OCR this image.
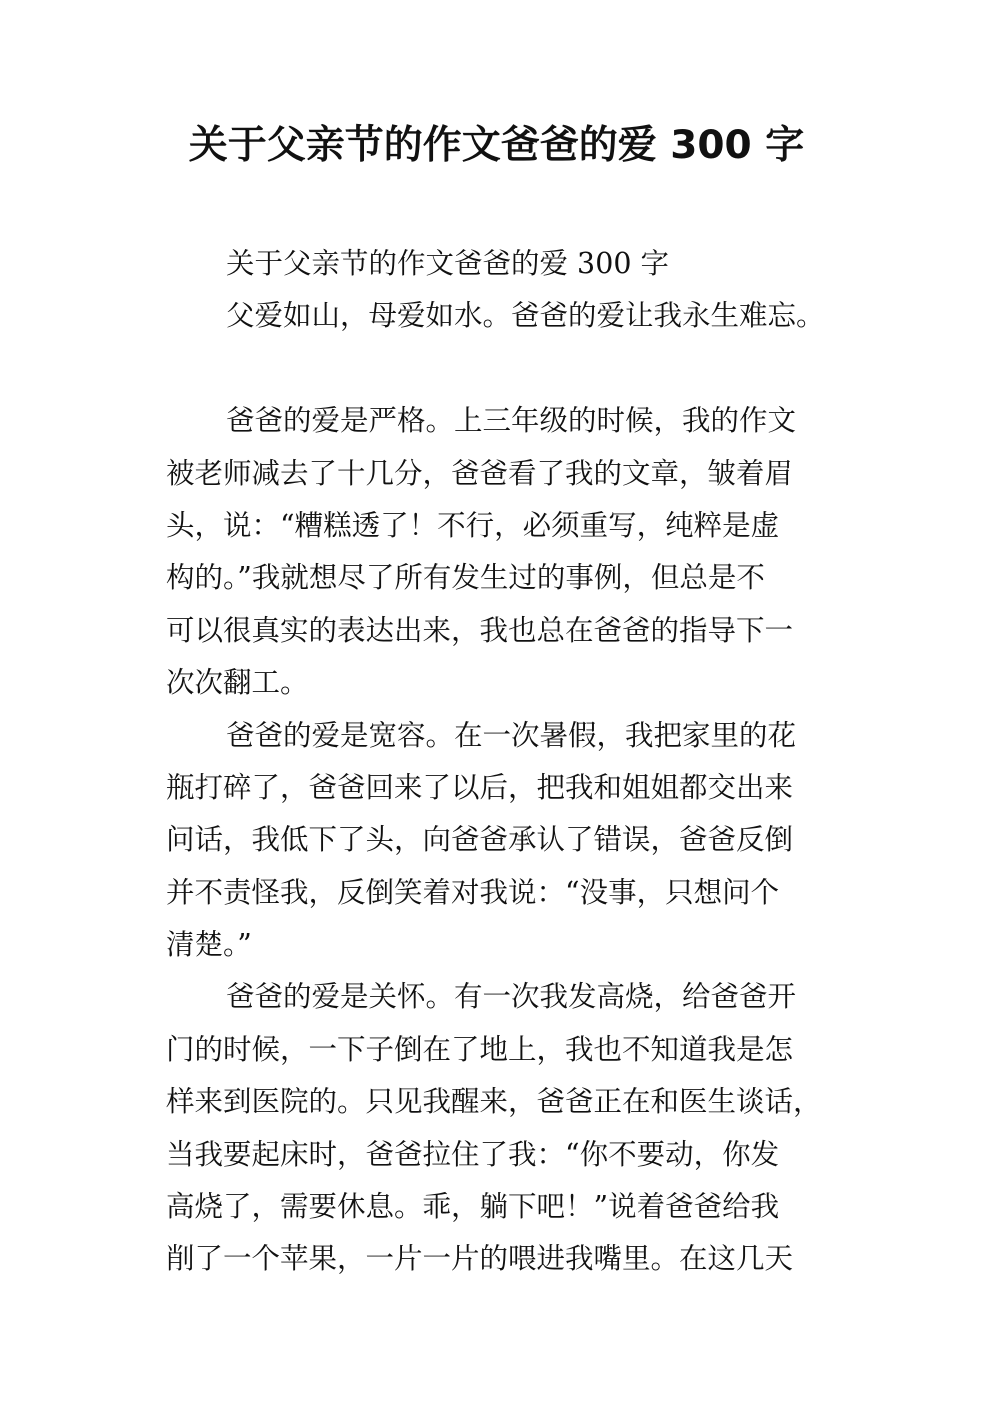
关于父亲节的作文爸爸的爱 300 字
关于父亲节的作文爸爸的爱 300 字
父爱如山，母爱如水。爸爸的爱让我永生难忘。
爸爸的爱是严格。上三年级的时候，我的作文
被老师减去了十几分，爸爸看了我的文章，皱着眉
头，说：“糟糕透了！不行，必须重写，纯粹是虚
构的。”我就想尽了所有发生过的事例，但总是不
可以很真实的表达出来，我也总在爸爸的指导下一
次次翻工。
爸爸的爱是宽容。在一次暑假，我把家里的花
瓶打碎了，爸爸回来了以后，把我和姐姐都交出来
问话，我低下了头，向爸爸承认了错误，爸爸反倒
并不责怪我，反倒笑着对我说：“没事，只想问个
清楚。”
爸爸的爱是关怀。有一次我发高烧，给爸爸开
门的时候，一下子倒在了地上，我也不知道我是怎
样来到医院的。只见我醒来，爸爸正在和医生谈话，
当我要起床时，爸爸拉住了我：“你不要动，你发
高烧了，需要休息。乖，躺下吧！”说着爸爸给我
削了一个苹果，一片一片的喂进我嘴里。在这几天
